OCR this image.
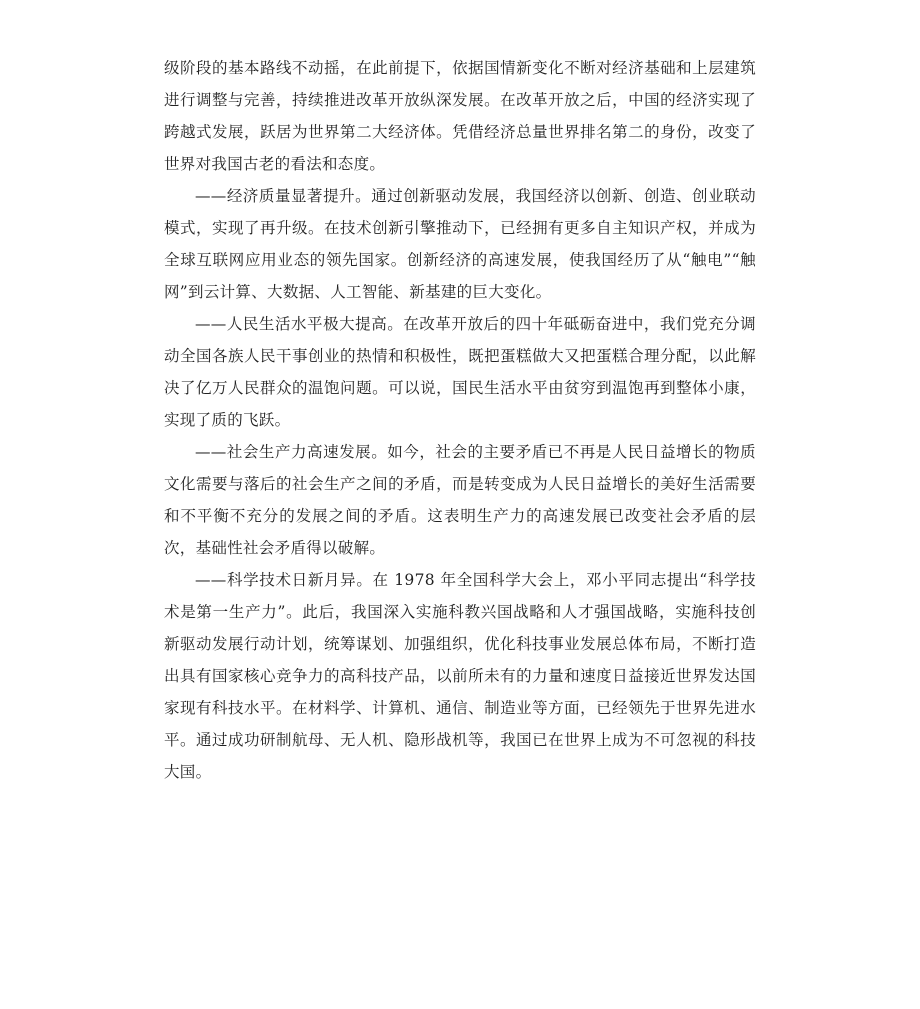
级阶段的基本路线不动摇，在此前提下，依据国情新变化不断对经济基础和上层建筑进行调整与完善，持续推进改革开放纵深发展。在改革开放之后，中国的经济实现了跨越式发展，跃居为世界第二大经济体。凭借经济总量世界排名第二的身份，改变了世界对我国古老的看法和态度。

——经济质量显著提升。通过创新驱动发展，我国经济以创新、创造、创业联动模式，实现了再升级。在技术创新引擎推动下，已经拥有更多自主知识产权，并成为全球互联网应用业态的领先国家。创新经济的高速发展，使我国经历了从“触电”“触网”到云计算、大数据、人工智能、新基建的巨大变化。

——人民生活水平极大提高。在改革开放后的四十年砥砺奋进中，我们党充分调动全国各族人民干事创业的热情和积极性，既把蛋糕做大又把蛋糕合理分配，以此解决了亿万人民群众的温饱问题。可以说，国民生活水平由贫穷到温饱再到整体小康，实现了质的飞跃。

——社会生产力高速发展。如今，社会的主要矛盾已不再是人民日益增长的物质文化需要与落后的社会生产之间的矛盾，而是转变成为人民日益增长的美好生活需要和不平衡不充分的发展之间的矛盾。这表明生产力的高速发展已改变社会矛盾的层次，基础性社会矛盾得以破解。

——科学技术日新月异。在 1978 年全国科学大会上，邓小平同志提出“科学技术是第一生产力”。此后，我国深入实施科教兴国战略和人才强国战略，实施科技创新驱动发展行动计划，统筹谋划、加强组织，优化科技事业发展总体布局，不断打造出具有国家核心竞争力的高科技产品，以前所未有的力量和速度日益接近世界发达国家现有科技水平。在材料学、计算机、通信、制造业等方面，已经领先于世界先进水平。通过成功研制航母、无人机、隐形战机等，我国已在世界上成为不可忽视的科技大国。
